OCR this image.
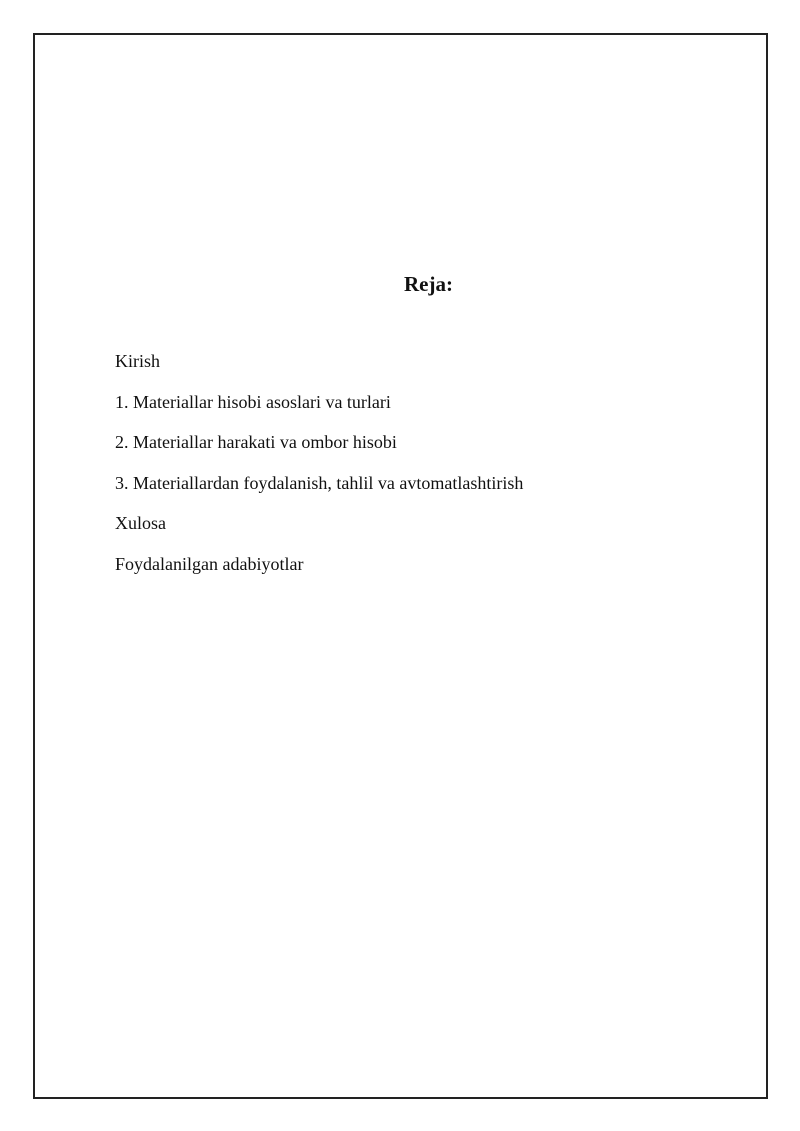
Reja:
Kirish
1. Materiallar hisobi asoslari va turlari
2. Materiallar harakati va ombor hisobi
3. Materiallardan foydalanish, tahlil va avtomatlashtirish
Xulosa
Foydalanilgan adabiyotlar
